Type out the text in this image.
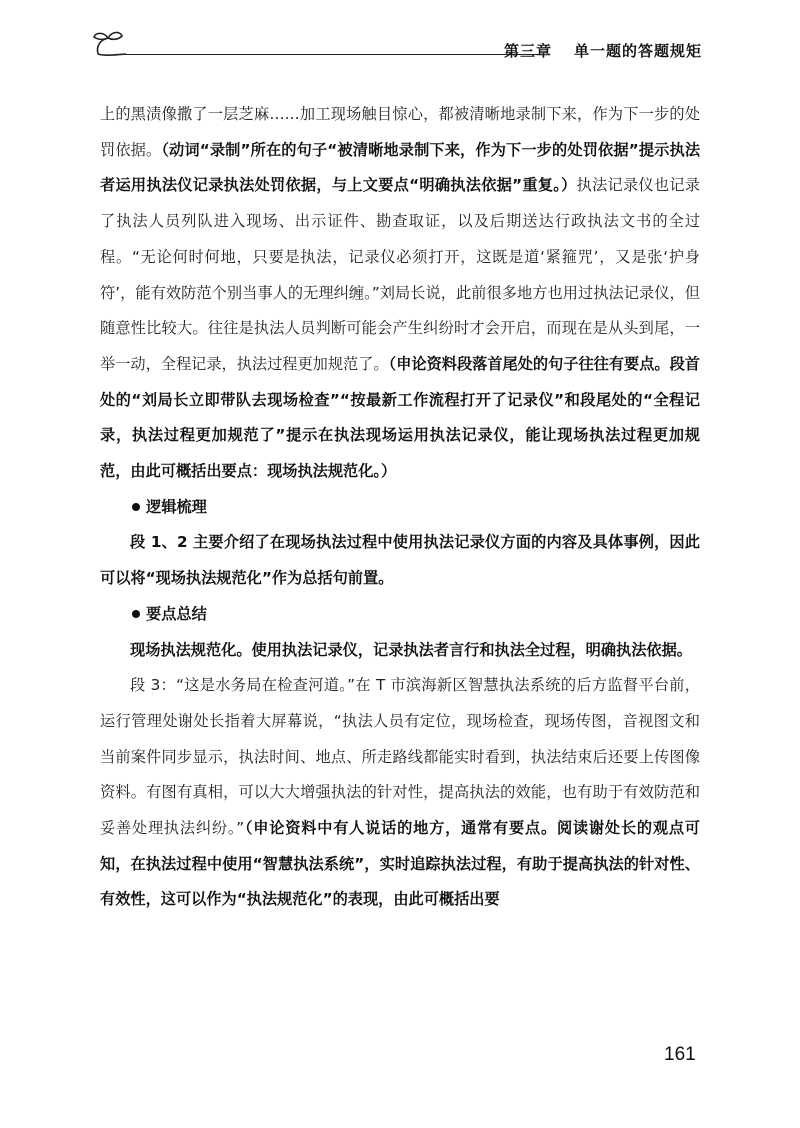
第三章 单一题的答题规矩

上的黑渍像撒了一层芝麻……加工现场触目惊心，都被清晰地录制下来，作为下一步的处罚依据。（动词“录制”所在的句子“被清晰地录制下来，作为下一步的处罚依据”提示执法者运用执法仪记录执法处罚依据，与上文要点“明确执法依据”重复。）执法记录仪也记录了执法人员列队进入现场、出示证件、勘查取证，以及后期送达行政执法文书的全过程。“无论何时何地，只要是执法，记录仪必须打开，这既是道‘紧箍咒’，又是张‘护身符’，能有效防范个别当事人的无理纠缠。”刘局长说，此前很多地方也用过执法记录仪，但随意性比较大。往往是执法人员判断可能会产生纠纷时才会开启，而现在是从头到尾，一举一动，全程记录，执法过程更加规范了。（申论资料段落首尾处的句子往往有要点。段首处的“刘局长立即带队去现场检查”“按最新工作流程打开了记录仪”和段尾处的“全程记录，执法过程更加规范了”提示在执法现场运用执法记录仪，能让现场执法过程更加规范，由此可概括出要点：现场执法规范化。）

逻辑梳理

段 1、2 主要介绍了在现场执法过程中使用执法记录仪方面的内容及具体事例，因此可以将“现场执法规范化”作为总括句前置。

要点总结

现场执法规范化。使用执法记录仪，记录执法者言行和执法全过程，明确执法依据。

段 3：“这是水务局在检查河道。”在 T 市滨海新区智慧执法系统的后方监督平台前，运行管理处谢处长指着大屏幕说，“执法人员有定位，现场检查，现场传图，音视图文和当前案件同步显示，执法时间、地点、所走路线都能实时看到，执法结束后还要上传图像资料。有图有真相，可以大大增强执法的针对性，提高执法的效能，也有助于有效防范和妥善处理执法纠纷。”（申论资料中有人说话的地方，通常有要点。阅读谢处长的观点可知，在执法过程中使用“智慧执法系统”，实时追踪执法过程，有助于提高执法的针对性、有效性，这可以作为“执法规范化”的表现，由此可概括出要

161
